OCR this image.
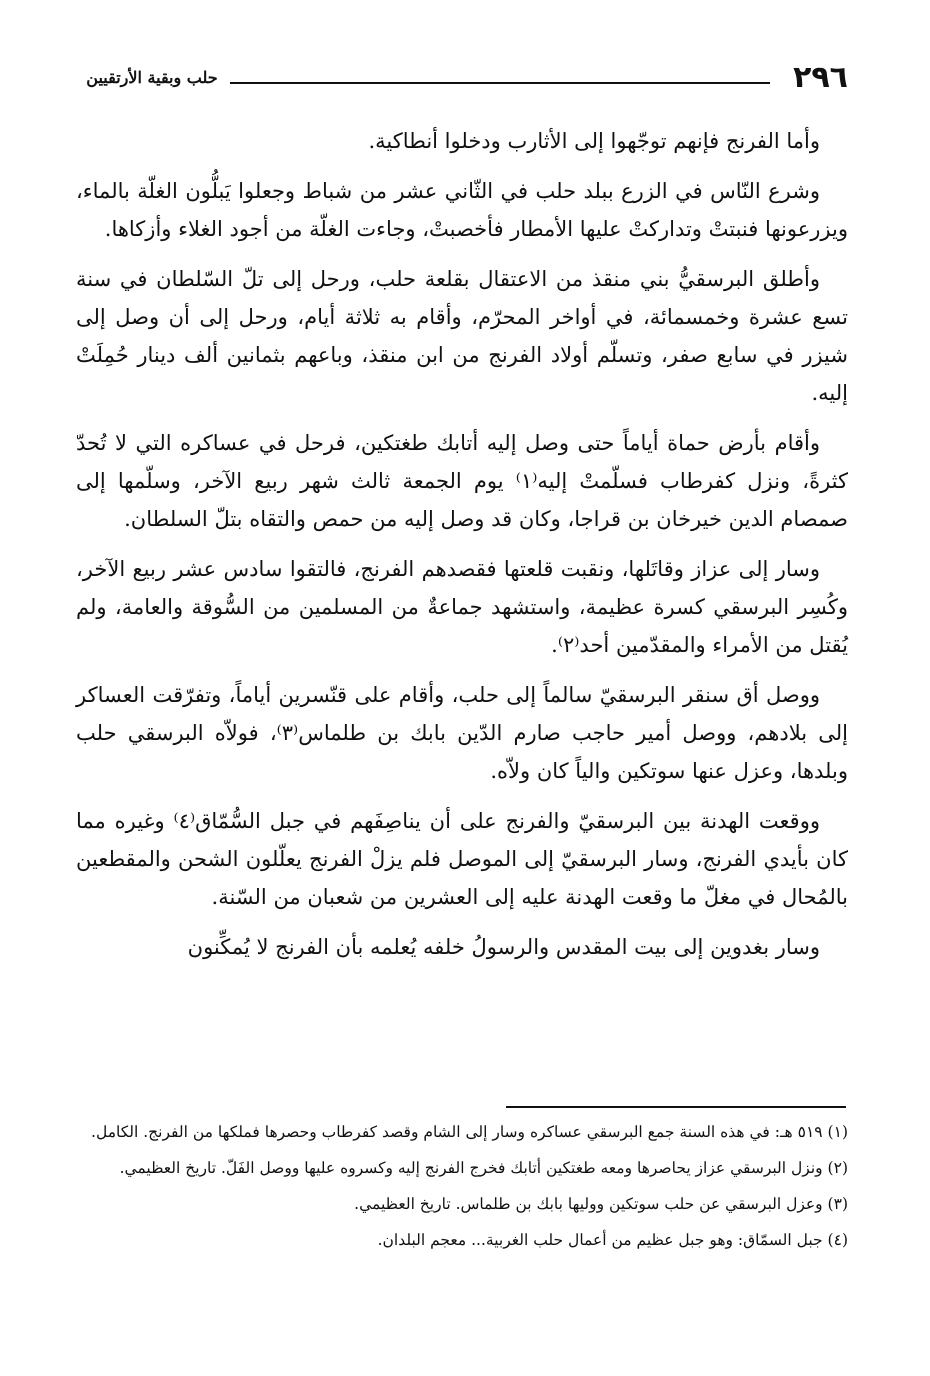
٢٩٦
حلب وبقية الأرتقيين

وأما الفرنج فإنهم توجّهوا إلى الأثارب ودخلوا أنطاكية.

وشرع النّاس في الزرع ببلد حلب في الثّاني عشر من شباط وجعلوا يَبلُّون الغلّة بالماء، ويزرعونها فنبتتْ وتداركتْ عليها الأمطار فأخصبتْ، وجاءت الغلّة من أجود الغلاء وأزكاها.

وأطلق البرسقيُّ بني منقذ من الاعتقال بقلعة حلب، ورحل إلى تلّ السّلطان في سنة تسع عشرة وخمسمائة، في أواخر المحرّم، وأقام به ثلاثة أيام، ورحل إلى أن وصل إلى شيزر في سابع صفر، وتسلّم أولاد الفرنج من ابن منقذ، وباعهم بثمانين ألف دينار حُمِلَتْ إليه.

وأقام بأرض حماة أياماً حتى وصل إليه أتابك طغتكين، فرحل في عساكره التي لا تُحدّ كثرةً، ونزل كفرطاب فسلّمتْ إليه⁽١⁾ يوم الجمعة ثالث شهر ربيع الآخر، وسلّمها إلى صمصام الدين خيرخان بن قراجا، وكان قد وصل إليه من حمص والتقاه بتلّ السلطان.

وسار إلى عزاز وقاتَلها، ونقبت قلعتها فقصدهم الفرنج، فالتقوا سادس عشر ربيع الآخر، وكُسِر البرسقي كسرة عظيمة، واستشهد جماعةٌ من المسلمين من السُّوقة والعامة، ولم يُقتل من الأمراء والمقدّمين أحد⁽٢⁾.

ووصل أق سنقر البرسقيّ سالماً إلى حلب، وأقام على قنّسرين أياماً، وتفرّقت العساكر إلى بلادهم، ووصل أمير حاجب صارم الدّين بابك بن طلماس⁽٣⁾، فولاّه البرسقي حلب وبلدها، وعزل عنها سوتكين والياً كان ولاّه.

ووقعت الهدنة بين البرسقيّ والفرنج على أن يناصِفَهم في جبل السُّمّاق⁽٤⁾ وغيره مما كان بأيدي الفرنج، وسار البرسقيّ إلى الموصل فلم يزلْ الفرنج يعلّلون الشحن والمقطعين بالمُحال في مغلّ ما وقعت الهدنة عليه إلى العشرين من شعبان من السّنة.

وسار بغدوين إلى بيت المقدس والرسولُ خلفه يُعلمه بأن الفرنج لا يُمكِّنون

(١) ٥١٩ هـ: في هذه السنة جمع البرسقي عساكره وسار إلى الشام وقصد كفرطاب وحصرها فملكها من الفرنج. الكامل.

(٢) ونزل البرسقي عزاز يحاصرها ومعه طغتكين أتابك فخرج الفرنج إليه وكسروه عليها ووصل الفَلّ. تاريخ العظيمي.

(٣) وعزل البرسقي عن حلب سوتكين ووليها بابك بن طلماس. تاريخ العظيمي.

(٤) جبل السمّاق: وهو جبل عظيم من أعمال حلب الغربية... معجم البلدان.
